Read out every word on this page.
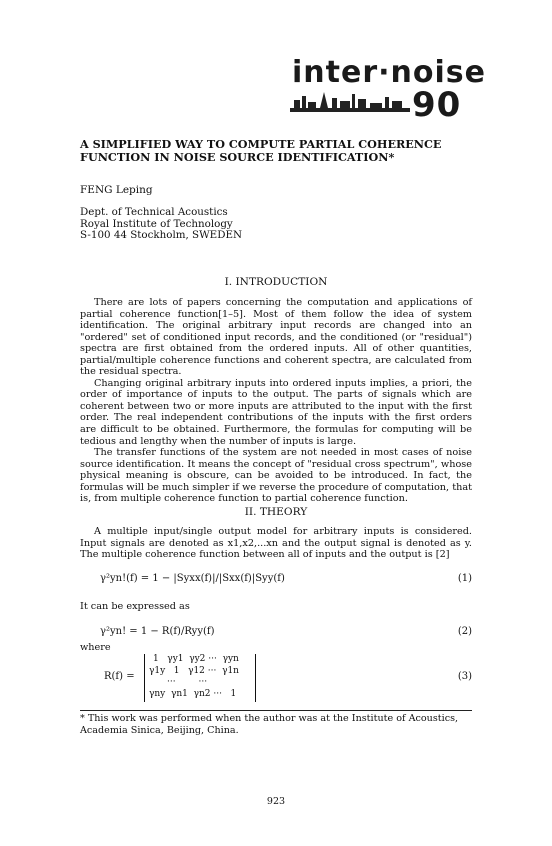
inter·noise
90
A SIMPLIFIED WAY TO COMPUTE PARTIAL COHERENCE
FUNCTION IN NOISE SOURCE IDENTIFICATION*
FENG Leping
Dept. of Technical Acoustics
Royal Institute of Technology
S-100 44 Stockholm, SWEDEN
I. INTRODUCTION

There are lots of papers concerning the computation and applications of partial coherence function[1–5]. Most of them follow the idea of system identification. The original arbitrary input records are changed into an "ordered" set of conditioned input records, and the conditioned (or "residual") spectra are first obtained from the ordered inputs. All of other quantities, partial/multiple coherence functions and coherent spectra, are calculated from the residual spectra.

Changing original arbitrary inputs into ordered inputs implies, a priori, the order of importance of inputs to the output. The parts of signals which are coherent between two or more inputs are attributed to the input with the first order. The real independent contributions of the inputs with the first orders are difficult to be obtained. Furthermore, the formulas for computing will be tedious and lengthy when the number of inputs is large.

The transfer functions of the system are not needed in most cases of noise source identification. It means the concept of "residual cross spectrum", whose physical meaning is obscure, can be avoided to be introduced. In fact, the formulas will be much simpler if we reverse the procedure of computation, that is, from multiple coherence function to partial coherence function.

II. THEORY

A multiple input/single output model for arbitrary inputs is considered. Input signals are denoted as x1,x2,...xn and the output signal is denoted as y. The multiple coherence function between all of inputs and the output is [2]

γ²yn!(f) = 1 − |Syxx(f)|/|Sxx(f)|Syy(f)	(1)

It can be expressed as

γ²yn! = 1 − R(f)/Ryy(f)	(2)

where

R(f) =
1   γy1  γy2 ···  γyn
γ1y   1   γ12 ···  γ1n
···        ···
γny  γn1  γn2 ···   1
(3)
* This work was performed when the author was at the Institute of Acoustics, Academia Sinica, Beijing, China.
923
